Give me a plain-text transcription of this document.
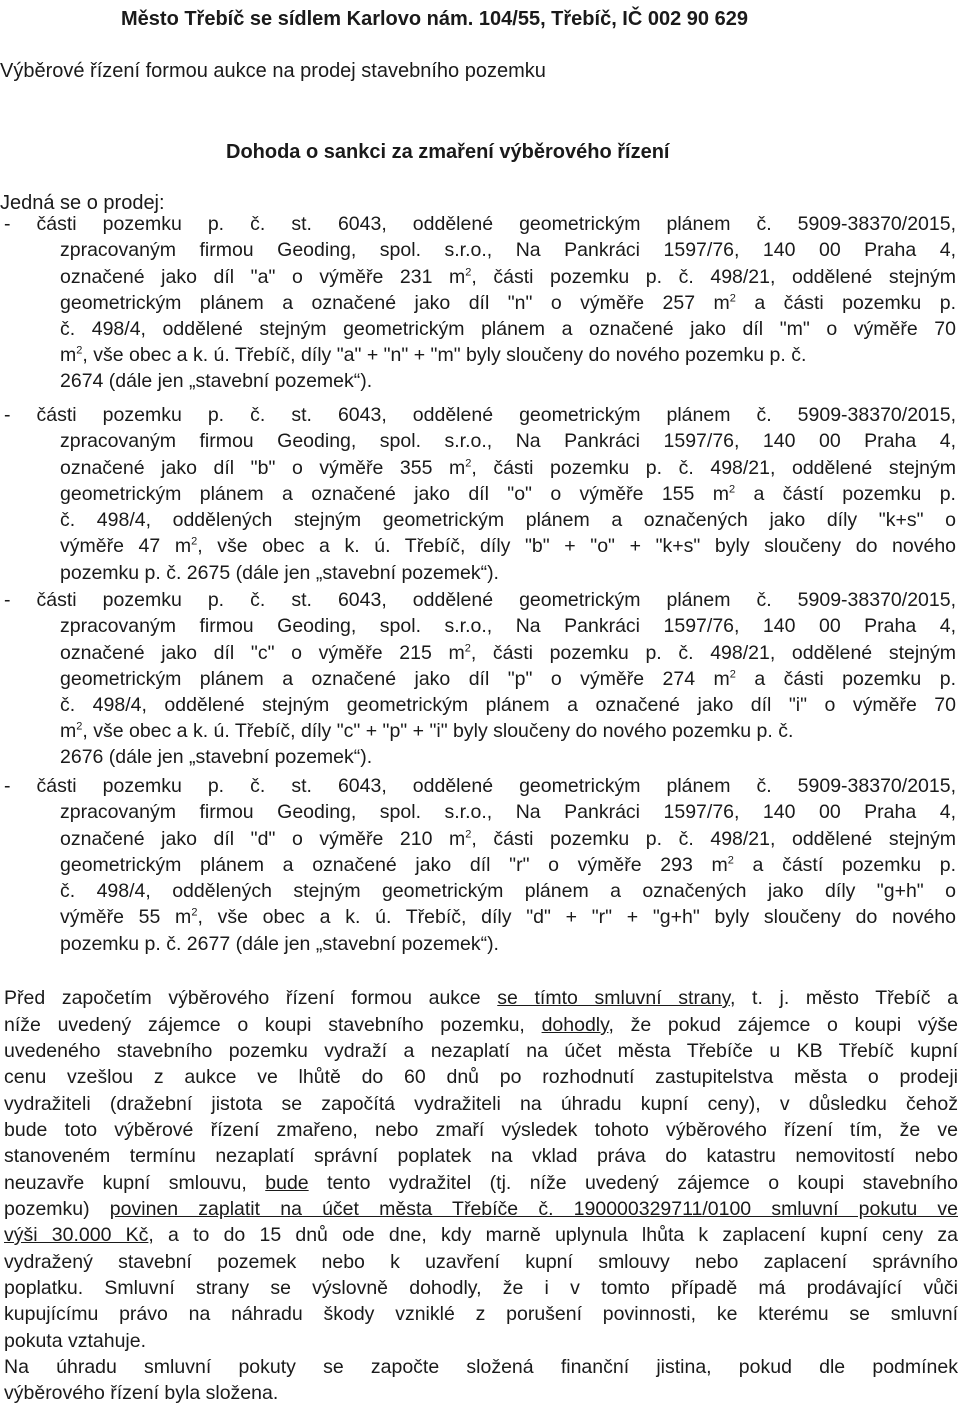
Město Třebíč se sídlem Karlovo nám. 104/55, Třebíč, IČ 002 90 629
Výběrové řízení formou aukce na prodej stavebního pozemku
Dohoda o sankci za zmaření výběrového řízení
Jedná se o prodej:
- části pozemku p. č. st. 6043, oddělené geometrickým plánem č. 5909-38370/2015,
zpracovaným firmou Geoding, spol. s.r.o., Na Pankráci 1597/76, 140 00 Praha 4,
označené jako díl "a" o výměře 231 $m^2$, části pozemku p. č. 498/21, oddělené stejným
geometrickým plánem a označené jako díl "n" o výměře 257 $m^2$ a části pozemku p.
č. 498/4, oddělené stejným geometrickým plánem a označené jako díl "m" o výměře 70
$m^2$, vše obec a k. ú. Třebíč, díly "a" + "n" + "m" byly sloučeny do nového pozemku p. č.
2674 (dále jen „stavební pozemek“).
- části pozemku p. č. st. 6043, oddělené geometrickým plánem č. 5909-38370/2015,
zpracovaným firmou Geoding, spol. s.r.o., Na Pankráci 1597/76, 140 00 Praha 4,
označené jako díl "b" o výměře 355 $m^2$, části pozemku p. č. 498/21, oddělené stejným
geometrickým plánem a označené jako díl "o" o výměře 155 $m^2$ a částí pozemku p.
č. 498/4, oddělených stejným geometrickým plánem a označených jako díly "k+s" o
výměře 47 $m^2$, vše obec a k. ú. Třebíč, díly "b" + "o" + "k+s" byly sloučeny do nového
pozemku p. č. 2675 (dále jen „stavební pozemek“).
- části pozemku p. č. st. 6043, oddělené geometrickým plánem č. 5909-38370/2015,
zpracovaným firmou Geoding, spol. s.r.o., Na Pankráci 1597/76, 140 00 Praha 4,
označené jako díl "c" o výměře 215 $m^2$, části pozemku p. č. 498/21, oddělené stejným
geometrickým plánem a označené jako díl "p" o výměře 274 $m^2$ a části pozemku p.
č. 498/4, oddělené stejným geometrickým plánem a označené jako díl "i" o výměře 70
$m^2$, vše obec a k. ú. Třebíč, díly "c" + "p" + "i" byly sloučeny do nového pozemku p. č.
2676 (dále jen „stavební pozemek“).
- části pozemku p. č. st. 6043, oddělené geometrickým plánem č. 5909-38370/2015,
zpracovaným firmou Geoding, spol. s.r.o., Na Pankráci 1597/76, 140 00 Praha 4,
označené jako díl "d" o výměře 210 $m^2$, části pozemku p. č. 498/21, oddělené stejným
geometrickým plánem a označené jako díl "r" o výměře 293 $m^2$ a částí pozemku p.
č. 498/4, oddělených stejným geometrickým plánem a označených jako díly "g+h" o
výměře 55 $m^2$, vše obec a k. ú. Třebíč, díly "d" + "r" + "g+h" byly sloučeny do nového
pozemku p. č. 2677 (dále jen „stavební pozemek“).
Před započetím výběrového řízení formou aukce se tímto smluvní strany, t. j. město Třebíč a
níže uvedený zájemce o koupi stavebního pozemku, dohodly, že pokud zájemce o koupi výše
uvedeného stavebního pozemku vydraží a nezaplatí na účet města Třebíče u KB Třebíč kupní
cenu vzešlou z aukce ve lhůtě do 60 dnů po rozhodnutí zastupitelstva města o prodeji
vydražiteli (dražební jistota se započítá vydražiteli na úhradu kupní ceny), v důsledku čehož
bude toto výběrové řízení zmařeno, nebo zmaří výsledek tohoto výběrového řízení tím, že ve
stanoveném termínu nezaplatí správní poplatek na vklad práva do katastru nemovitostí nebo
neuzavře kupní smlouvu, bude tento vydražitel (tj. níže uvedený zájemce o koupi stavebního
pozemku) povinen zaplatit na účet města Třebíče č. 19000032971​1/0100 smluvní pokutu ve
výši 30.000 Kč, a to do 15 dnů ode dne, kdy marně uplynula lhůta k zaplacení kupní ceny za
vydražený stavební pozemek nebo k uzavření kupní smlouvy nebo zaplacení správního
poplatku. Smluvní strany se výslovně dohodly, že i v tomto případě má prodávající vůči
kupujícímu právo na náhradu škody vzniklé z porušení povinnosti, ke kterému se smluvní
pokuta vztahuje.
Na úhradu smluvní pokuty se započte složená finanční jistina, pokud dle podmínek
výběrového řízení byla složena.
